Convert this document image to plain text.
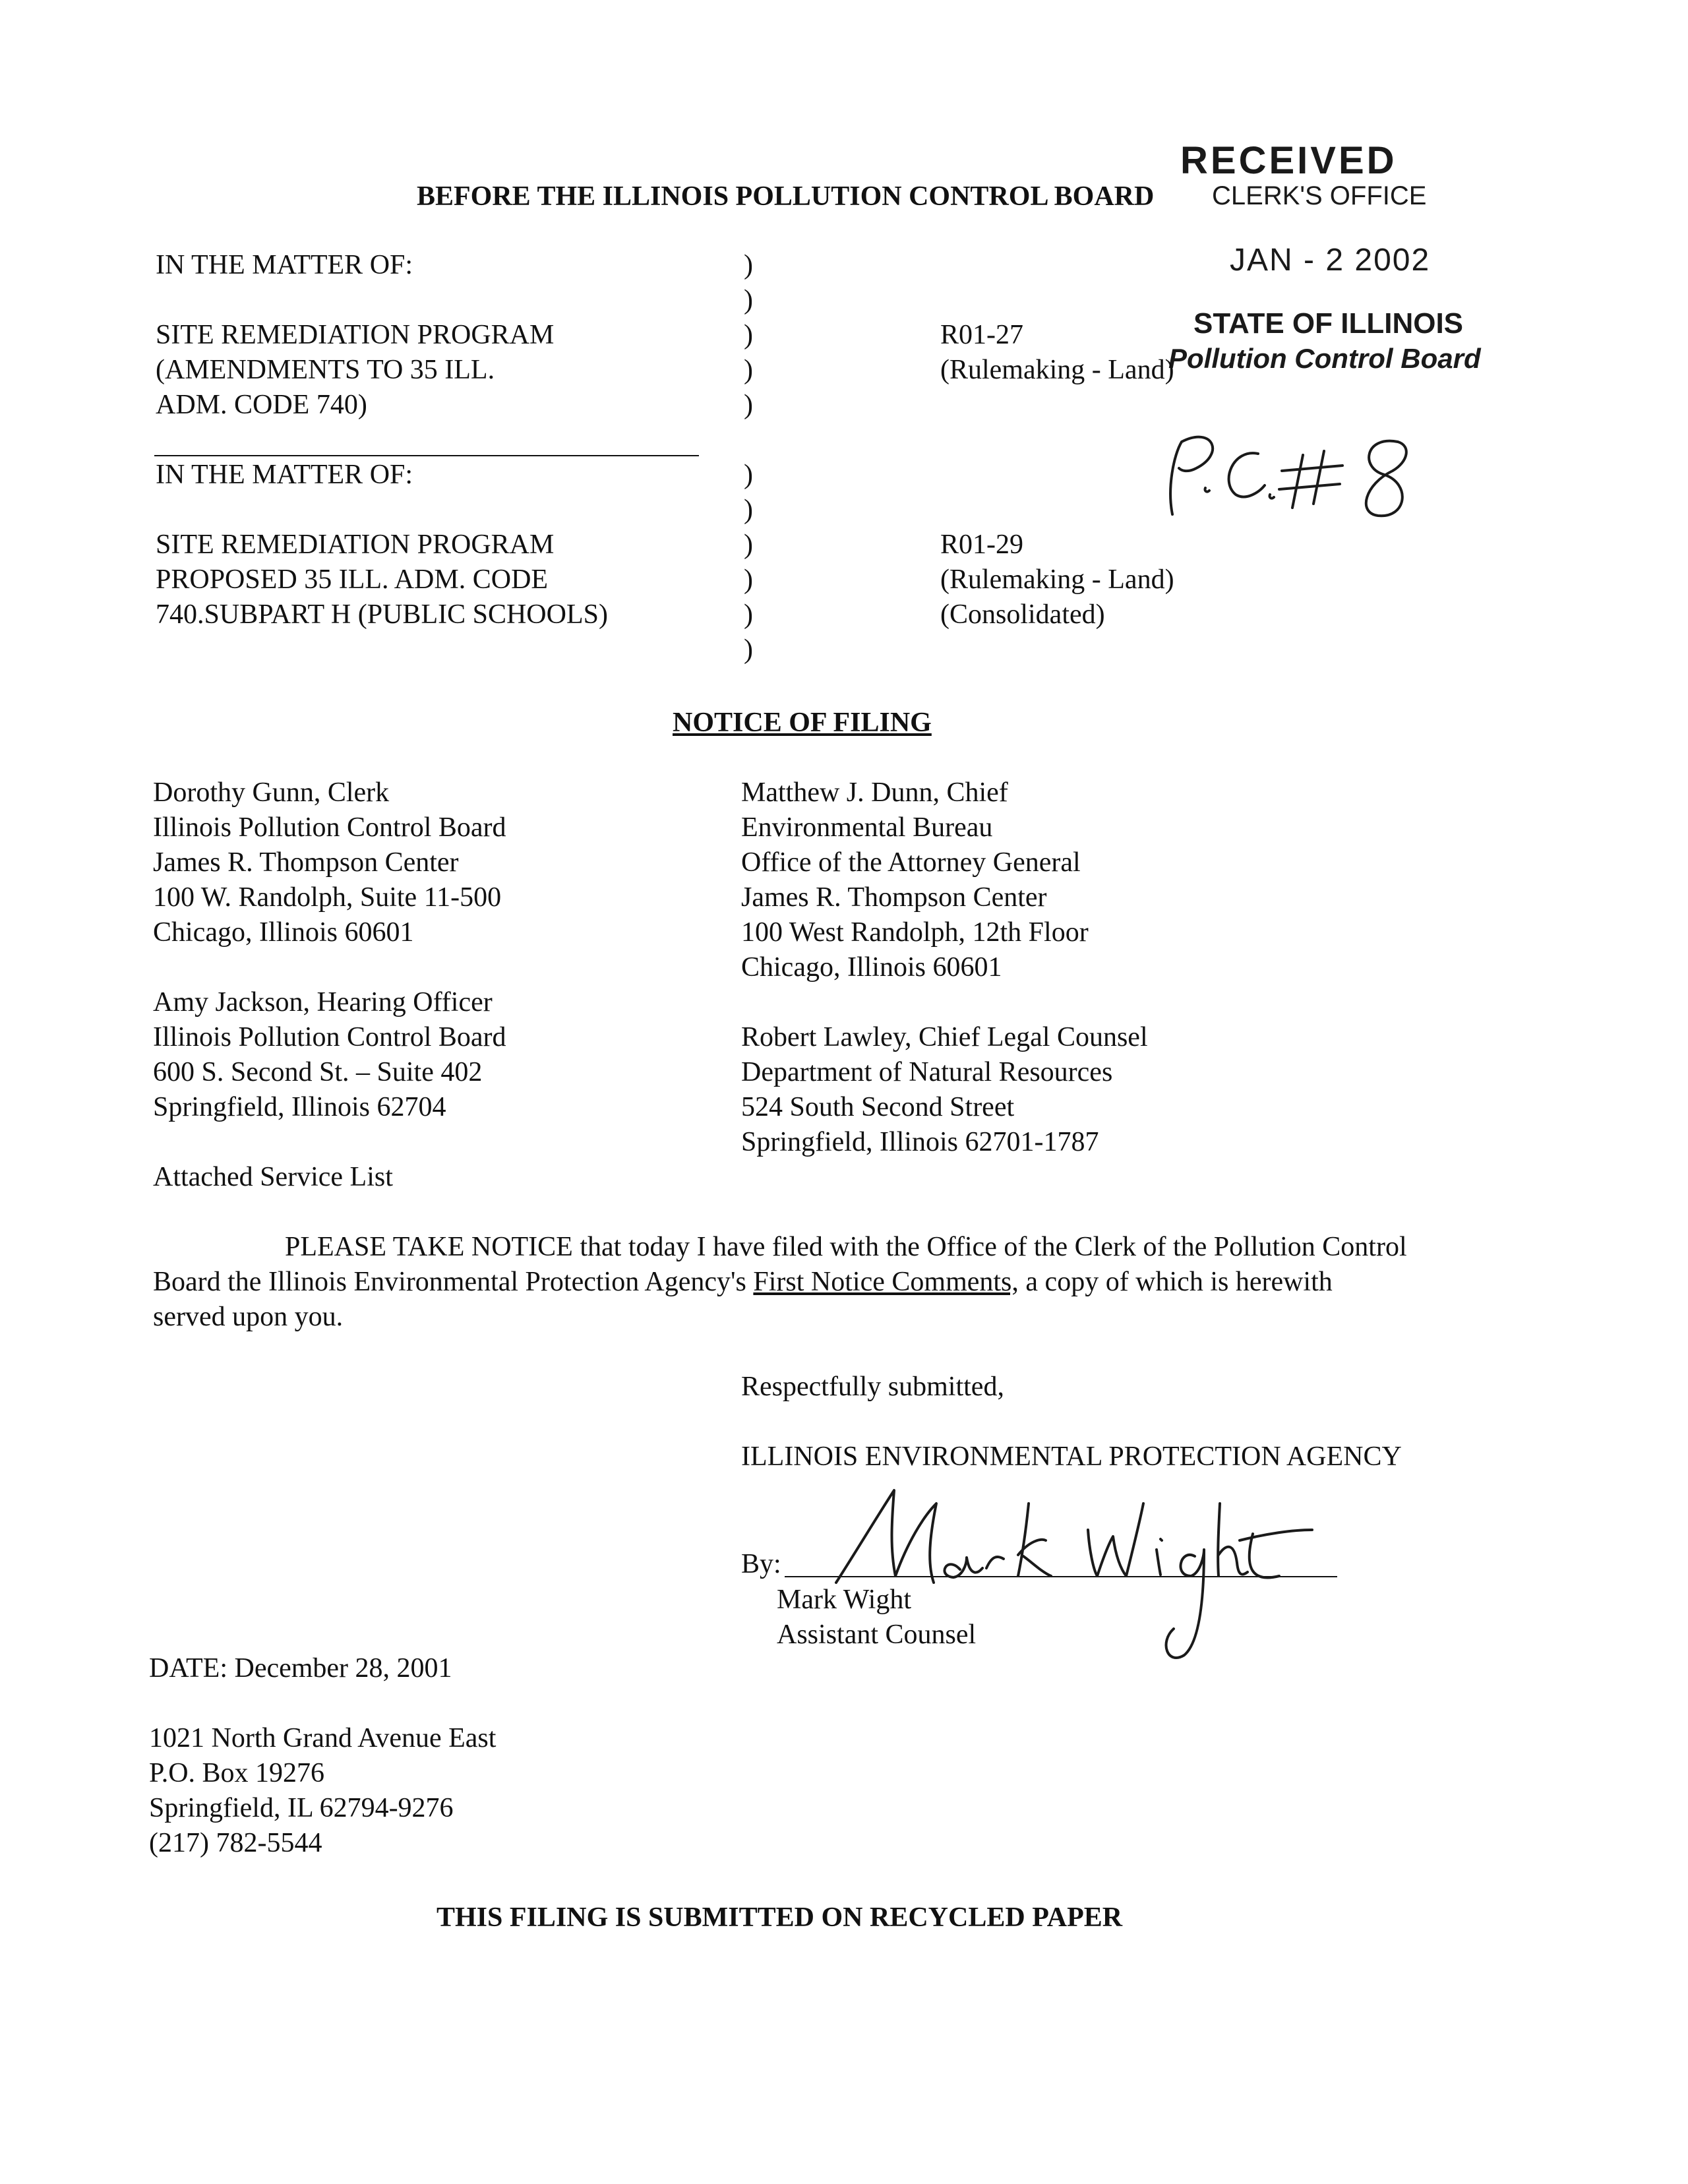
RECEIVED
CLERK'S OFFICE
JAN - 2 2002
STATE OF ILLINOIS
Pollution Control Board
BEFORE THE ILLINOIS POLLUTION CONTROL BOARD
IN THE MATTER OF:
SITE REMEDIATION PROGRAM
(AMENDMENTS TO 35 ILL.
ADM. CODE 740)
)
)
)
)
)
R01-27
(Rulemaking - Land)
IN THE MATTER OF:
SITE REMEDIATION PROGRAM
PROPOSED 35 ILL. ADM. CODE
740.SUBPART H (PUBLIC SCHOOLS)
)
)
)
)
)
)
R01-29
(Rulemaking - Land)
(Consolidated)
NOTICE OF FILING
Dorothy Gunn, Clerk
Illinois Pollution Control Board
James R. Thompson Center
100 W. Randolph, Suite 11-500
Chicago, Illinois 60601
Amy Jackson, Hearing Officer
Illinois Pollution Control Board
600 S. Second St. – Suite 402
Springfield, Illinois 62704
Attached Service List
Matthew J. Dunn, Chief
Environmental Bureau
Office of the Attorney General
James R. Thompson Center
100 West Randolph, 12th Floor
Chicago, Illinois 60601
Robert Lawley, Chief Legal Counsel
Department of Natural Resources
524 South Second Street
Springfield, Illinois 62701-1787
PLEASE TAKE NOTICE that today I have filed with the Office of the Clerk of the Pollution Control
Board the Illinois Environmental Protection Agency's First Notice Comments, a copy of which is herewith
served upon you.
Respectfully submitted,
ILLINOIS ENVIRONMENTAL PROTECTION AGENCY
By:
Mark Wight
Assistant Counsel
DATE: December 28, 2001
1021 North Grand Avenue East
P.O. Box 19276
Springfield, IL 62794-9276
(217) 782-5544
THIS FILING IS SUBMITTED ON RECYCLED PAPER
